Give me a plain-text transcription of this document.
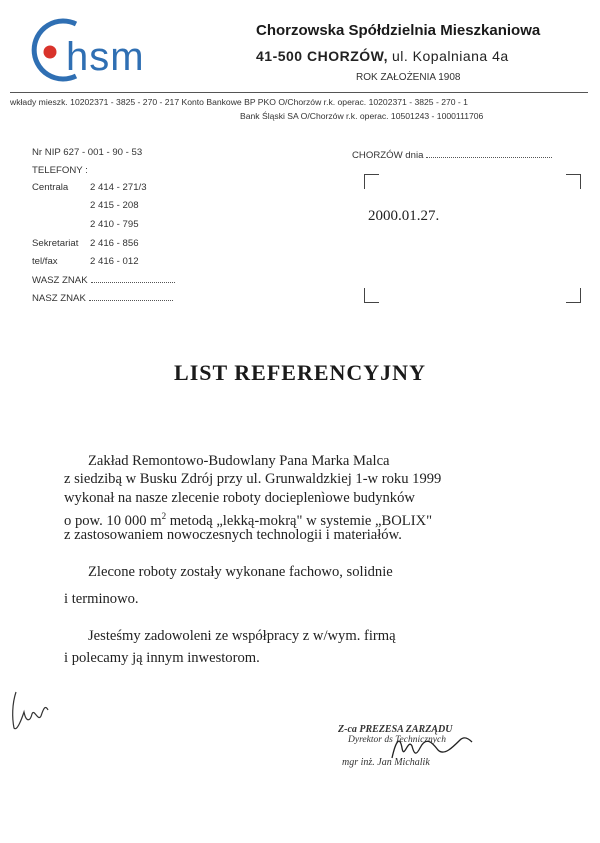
hsm
Chorzowska Spółdzielnia Mieszkaniowa
41-500 CHORZÓW, ul. Kopalniana 4a
ROK ZAŁOŻENIA 1908
wkłady mieszk. 10202371 - 3825 - 270 - 217 Konto Bankowe BP PKO O/Chorzów r.k. operac. 10202371 - 3825 - 270 - 1
Bank Śląski SA O/Chorzów r.k. operac. 10501243 - 1000111706
Nr NIP 627 - 001 - 90 - 53
TELEFONY :
Centrala 2 414 - 271/3
2 415 - 208
2 410 - 795
Sekretariat 2 416 - 856
tel/fax	2 416 - 012
WASZ ZNAK
NASZ ZNAK
CHORZÓW dnia
2000.01.27.
LIST REFERENCYJNY
Zakład Remontowo-Budowlany Pana Marka Malca
z siedzibą w Busku Zdrój przy ul. Grunwaldzkiej 1-w roku 1999
wykonał na nasze zlecenie roboty docieplenìowe budynków
o pow. 10 000 $m^2$ metodą „lekką-mokrą" w systemie „BOLIX"
z zastosowaniem nowoczesnych technologii i materiałów.
Zlecone roboty zostały wykonane fachowo, solidnie
i terminowo.
Jesteśmy zadowoleni ze współpracy z w/wym. firmą
i polecamy ją innym inwestorom.
Z-ca PREZESA ZARZĄDU
Dyrektor ds Technicznych
mgr inż. Jan Michalik
